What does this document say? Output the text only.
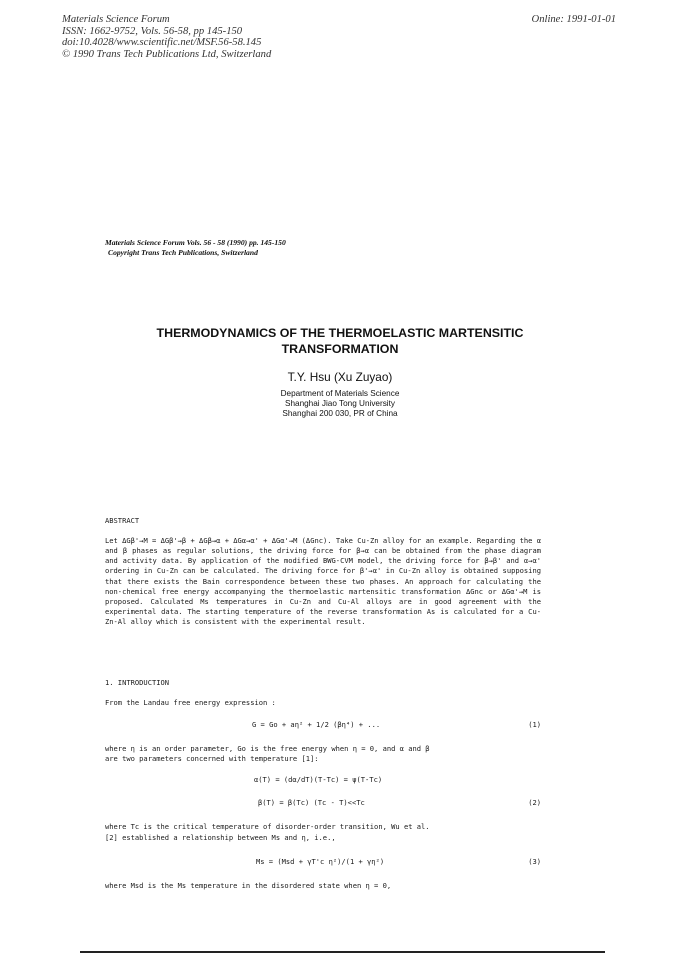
Materials Science Forum
ISSN: 1662-9752, Vols. 56-58, pp 145-150
doi:10.4028/www.scientific.net/MSF.56-58.145
© 1990 Trans Tech Publications Ltd, Switzerland
Online: 1991-01-01
Materials Science Forum Vols. 56 - 58 (1990) pp. 145-150
Copyright Trans Tech Publications, Switzerland
THERMODYNAMICS OF THE THERMOELASTIC MARTENSITIC
TRANSFORMATION
T.Y. Hsu (Xu Zuyao)
Department of Materials Science
Shanghai Jiao Tong University
Shanghai 200 030, PR of China
ABSTRACT
Let ΔGβ'→M = ΔGβ'→β + ΔGβ→α + ΔGα→α' + ΔGα'→M (ΔGnc). Take Cu-Zn alloy for an example. Regarding the α and β phases as regular solutions, the driving force for β→α can be obtained from the phase diagram and activity data. By application of the modified BWG-CVM model, the driving force for β→β' and α→α' ordering in Cu-Zn can be calculated. The driving force for β'→α' in Cu-Zn alloy is obtained supposing that there exists the Bain correspondence between these two phases. An approach for calculating the non-chemical free energy accompanying the thermoelastic martensitic transformation ΔGnc or ΔGα'→M is proposed. Calculated Ms temperatures in Cu-Zn and Cu-Al alloys are in good agreement with the experimental data. The starting temperature of the reverse transformation As is calculated for a Cu-Zn-Al alloy which is consistent with the experimental result.
1. INTRODUCTION
From the Landau free energy expression :
G = Go + aη² + 1/2 (βη⁴) + ...	(1)
where η is an order parameter, Go is the free energy when η = 0, and α and β
are two parameters concerned with temperature [1]:
α(T) = (dα/dT)(T-Tc) = ψ(T-Tc)
β(T) = β(Tc) (Tc - T)<<Tc	(2)
where Tc is the critical temperature of disorder-order transition, Wu et al.
[2] established a relationship between Ms and η, i.e.,
Ms = (Msd + γT'c η²)/(1 + γη²)	(3)
where Msd is the Ms temperature in the disordered state when η = 0,
